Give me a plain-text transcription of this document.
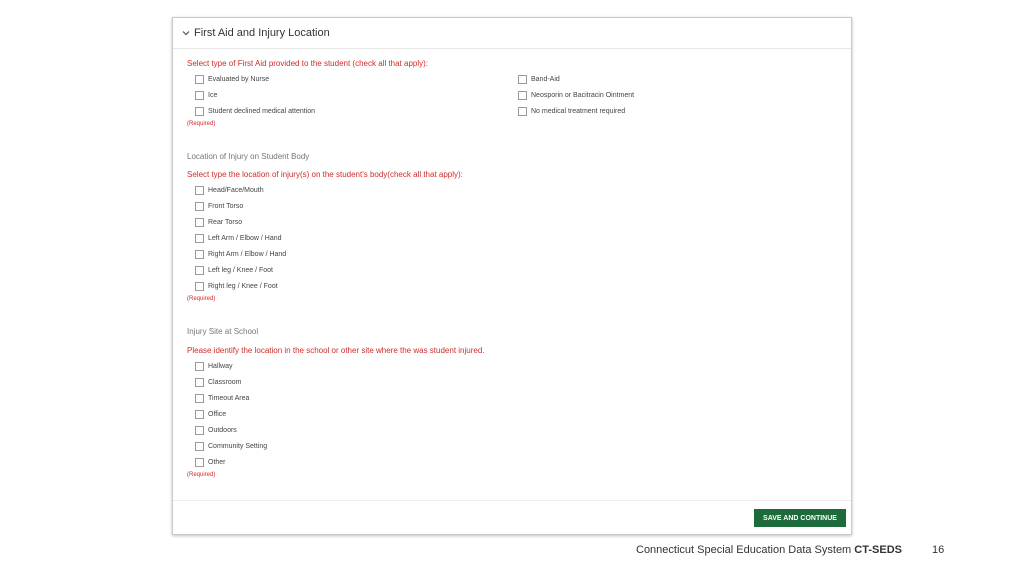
First Aid and Injury Location
Select type of First Aid provided to the student (check all that apply):
Evaluated by Nurse
Ice
Student declined medical attention
Band-Aid
Neosporin or Bacitracin Ointment
No medical treatment required
(Required)
Location of Injury on Student Body
Select type the location of injury(s) on the student's body(check all that apply):
Head/Face/Mouth
Front Torso
Rear Torso
Left Arm / Elbow / Hand
Right Arm / Elbow / Hand
Left leg / Knee / Foot
Right leg / Knee / Foot
(Required)
Injury Site at School
Please identify the location in the school or other site where the was student injured.
Hallway
Classroom
Timeout Area
Office
Outdoors
Community Setting
Other
(Required)
SAVE AND CONTINUE
Connecticut Special Education Data System CT-SEDS	16
